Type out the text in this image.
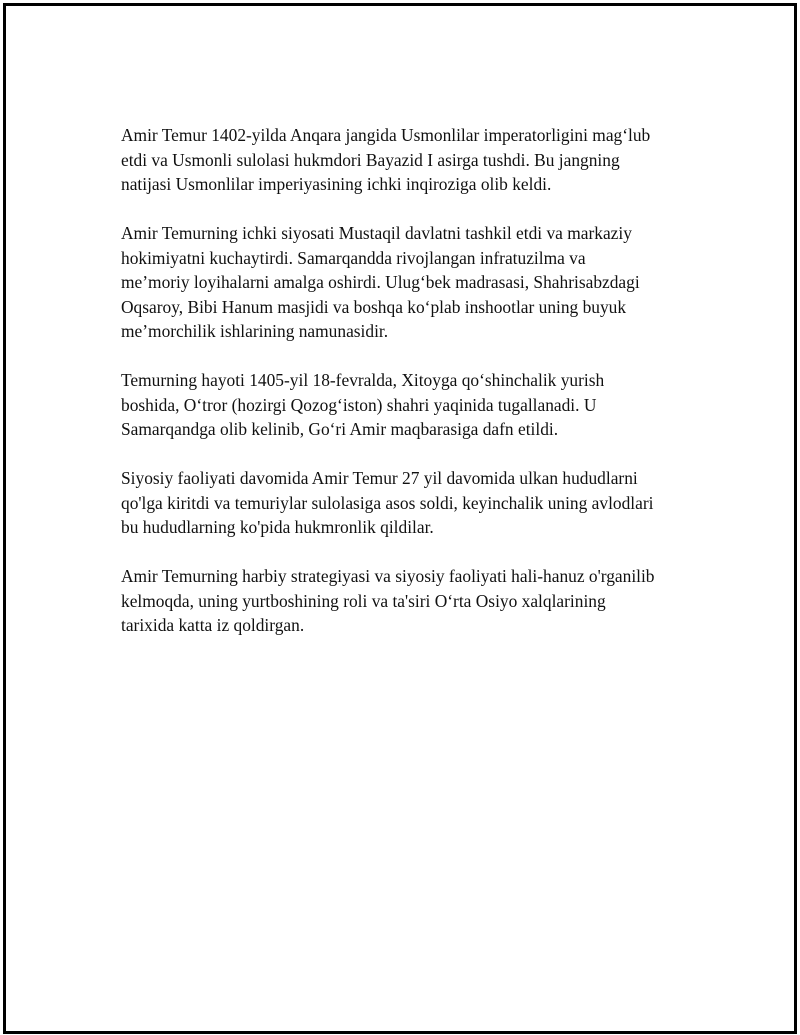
Amir Temur 1402-yilda Anqara jangida Usmonlilar imperatorligini mag‘lub
etdi va Usmonli sulolasi hukmdori Bayazid I asirga tushdi. Bu jangning
natijasi Usmonlilar imperiyasining ichki inqiroziga olib keldi.

Amir Temurning ichki siyosati Mustaqil davlatni tashkil etdi va markaziy
hokimiyatni kuchaytirdi. Samarqandda rivojlangan infratuzilma va
me’moriy loyihalarni amalga oshirdi. Ulug‘bek madrasasi, Shahrisabzdagi
Oqsaroy, Bibi Hanum masjidi va boshqa ko‘plab inshootlar uning buyuk
me’morchilik ishlarining namunasidir.

Temurning hayoti 1405-yil 18-fevralda, Xitoyga qo‘shinchalik yurish
boshida, O‘tror (hozirgi Qozog‘iston) shahri yaqinida tugallanadi. U
Samarqandga olib kelinib, Go‘ri Amir maqbarasiga dafn etildi.

Siyosiy faoliyati davomida Amir Temur 27 yil davomida ulkan hududlarni
qo'lga kiritdi va temuriylar sulolasiga asos soldi, keyinchalik uning avlodlari
bu hududlarning ko'pida hukmronlik qildilar.

Amir Temurning harbiy strategiyasi va siyosiy faoliyati hali-hanuz o'rganilib
kelmoqda, uning yurtboshining roli va ta'siri O‘rta Osiyo xalqlarining
tarixida katta iz qoldirgan.
